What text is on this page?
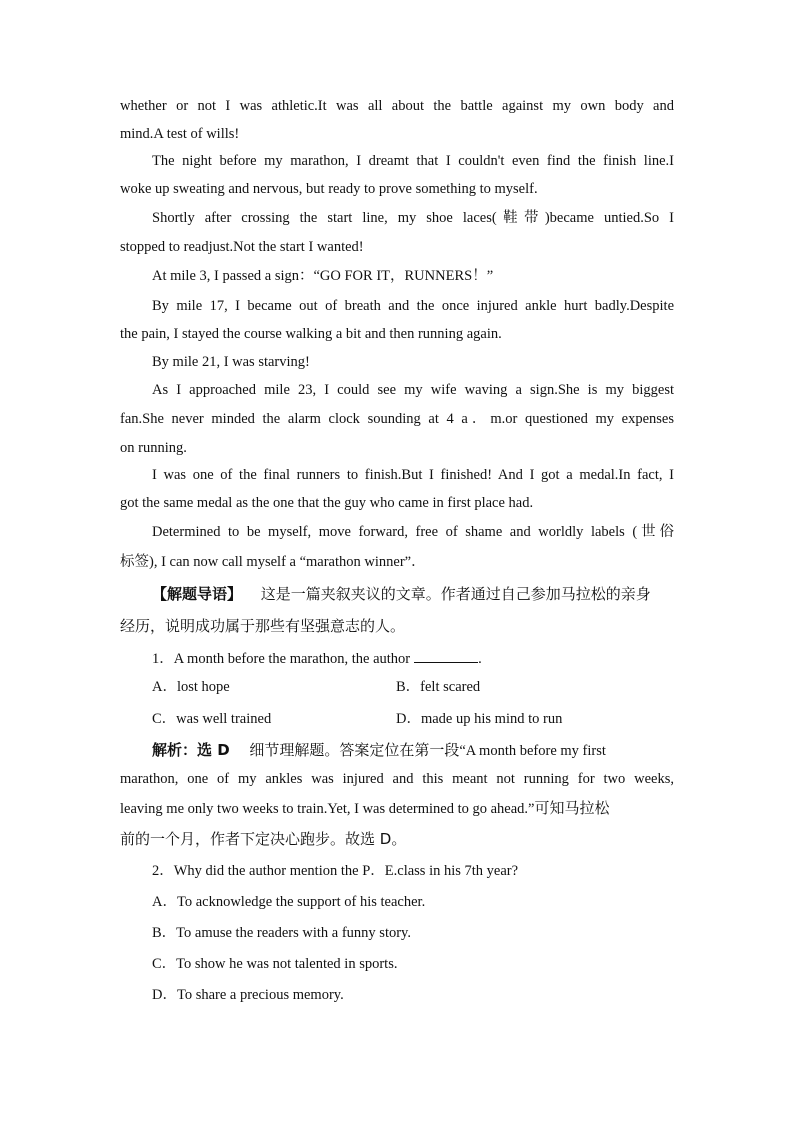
whether or not I was athletic.It was all about the battle against my own body and
mind.A test of wills!
The night before my marathon, I dreamt that I couldn't even find the finish line.I
woke up sweating and nervous, but ready to prove something to myself.
Shortly after crossing the start line, my shoe laces(鞋带)became untied.So I
stopped to readjust.Not the start I wanted!
At mile 3, I passed a sign：“GO FOR IT，RUNNERS！”
By mile 17, I became out of breath and the once injured ankle hurt badly.Despite
the pain, I stayed the course walking a bit and then running again.
By mile 21, I was starving!
As I approached mile 23, I could see my wife waving a sign.She is my biggest
fan.She never minded the alarm clock sounding at 4 a．m.or questioned my expenses
on running.
I was one of the final runners to finish.But I finished! And I got a medal.In fact, I
got the same medal as the one that the guy who came in first place had.
Determined to be myself, move forward, free of shame and worldly labels (世俗
标签), I can now call myself a “marathon winner”．
【解题导语】 这是一篇夹叙夹议的文章。作者通过自己参加马拉松的亲身
经历，说明成功属于那些有坚强意志的人。
1．A month before the marathon, the author	.
A．lost hope	B．felt scared
C．was well trained	D．made up his mind to run
解析：选 D 细节理解题。答案定位在第一段“A month before my first
marathon, one of my ankles was injured and this meant not running for two weeks,
leaving me only two weeks to train.Yet, I was determined to go ahead.”可知马拉松
前的一个月，作者下定决心跑步。故选 D。
2．Why did the author mention the P．E.class in his 7th year?
A．To acknowledge the support of his teacher.
B．To amuse the readers with a funny story.
C．To show he was not talented in sports.
D．To share a precious memory.
